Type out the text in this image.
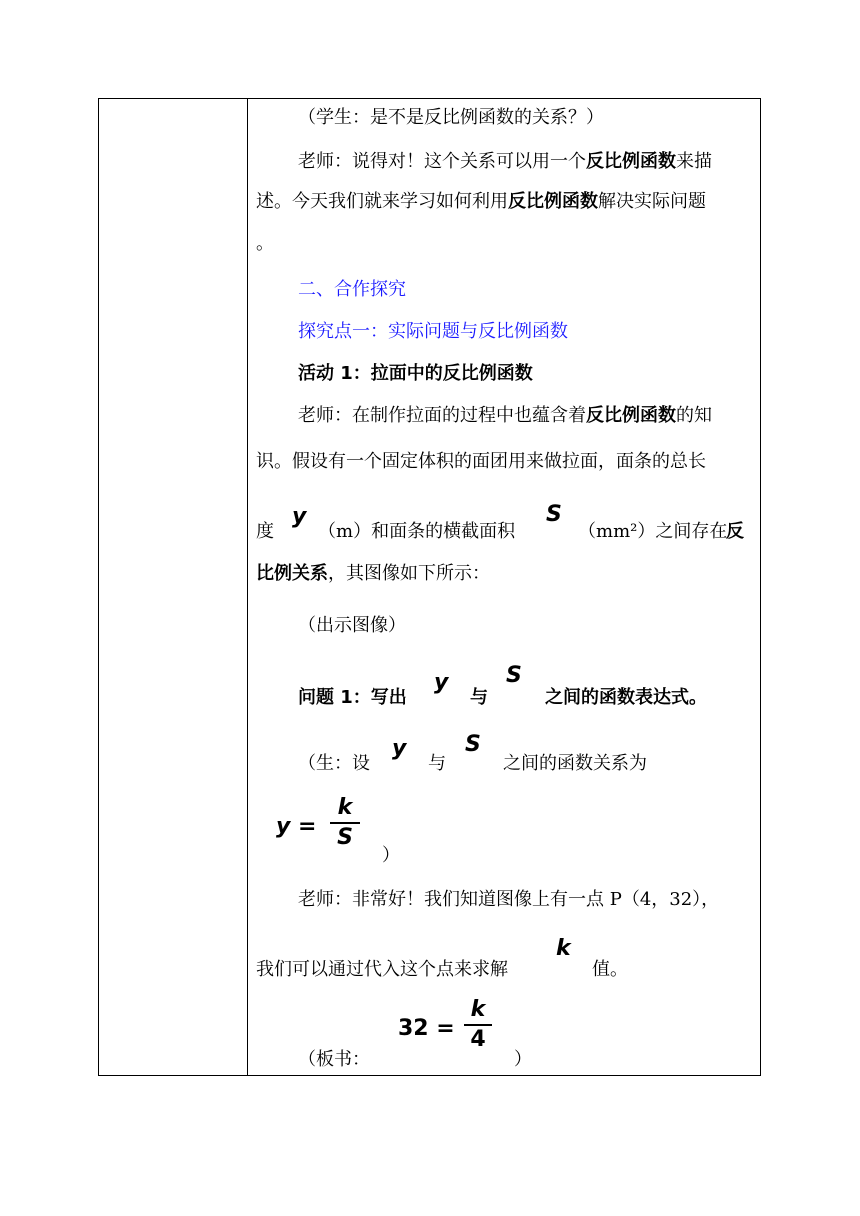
（学生：是不是反比例函数的关系？）
老师：说得对！这个关系可以用一个反比例函数来描
述。今天我们就来学习如何利用反比例函数解决实际问题
。
二、合作探究
探究点一：实际问题与反比例函数
活动 1：拉面中的反比例函数
老师：在制作拉面的过程中也蕴含着反比例函数的知
识。假设有一个固定体积的面团用来做拉面，面条的总长
度
y
（m）和面条的横截面积
S
（mm²）之间存在
反
比例关系，其图像如下所示：
（出示图像）
问题 1：写出
y
与
S
之间的函数表达式。
（生：设
y
与
S
之间的函数关系为
y =
k
S
）
老师：非常好！我们知道图像上有一点 P（4，32），
我们可以通过代入这个点来求解
k
值。
（板书：
32 =
k
4
）
